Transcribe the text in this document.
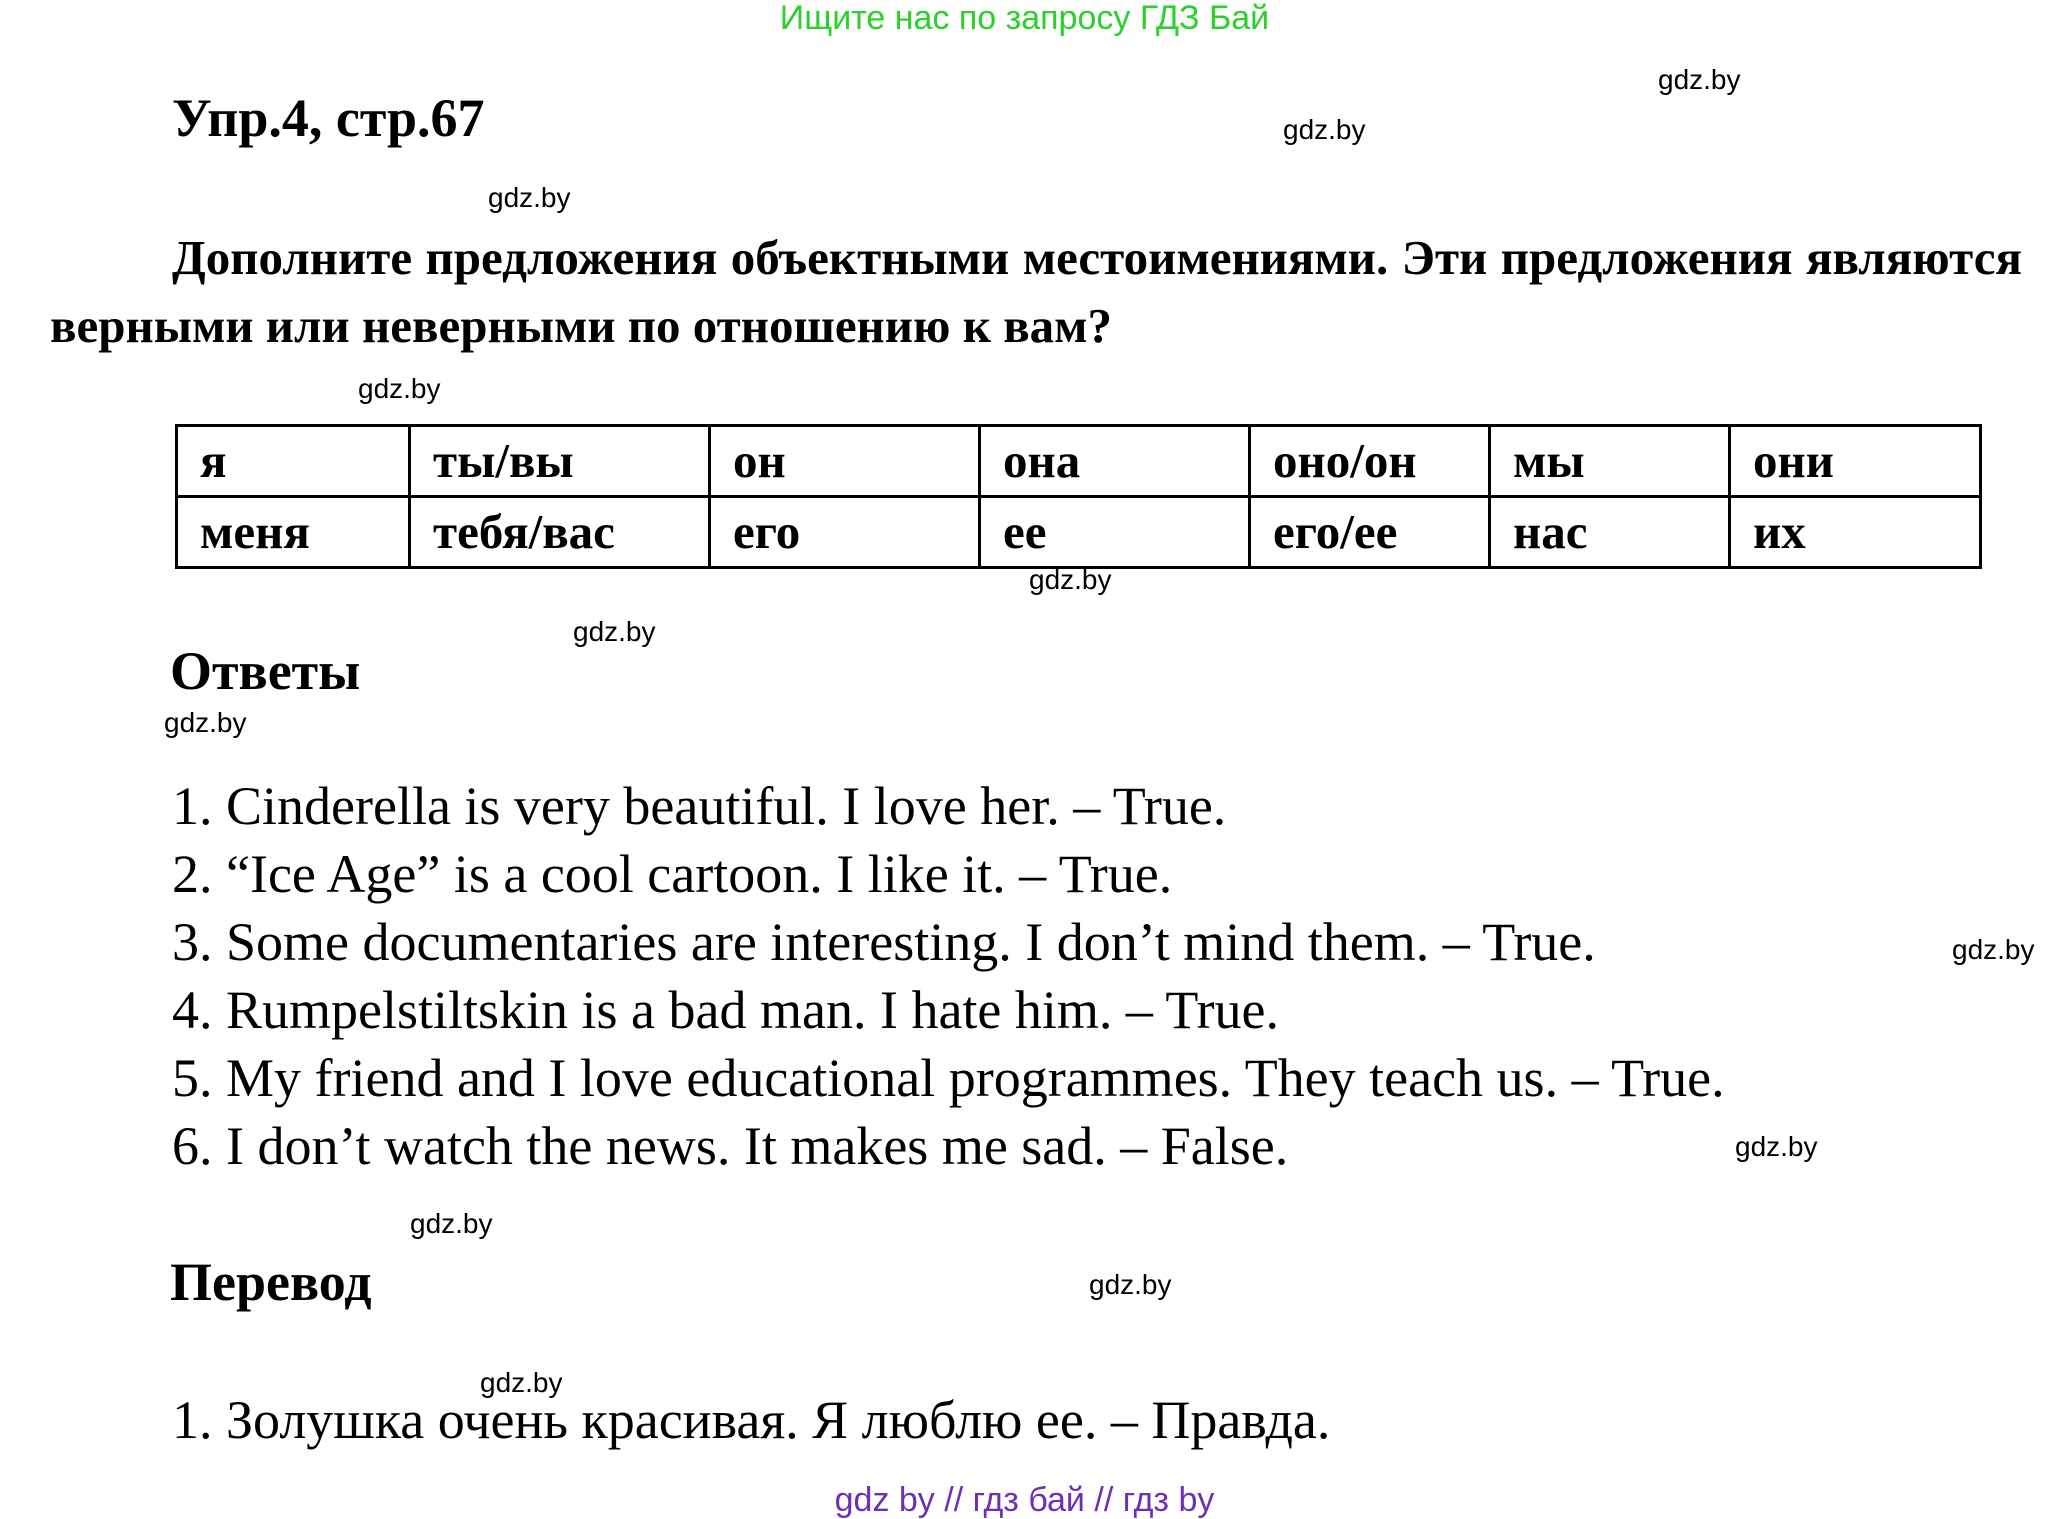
Ищите нас по запросу ГДЗ Бай
gdz.by
gdz.by
gdz.by
gdz.by
gdz.by
gdz.by
gdz.by
gdz.by
gdz.by
gdz.by
gdz.by
gdz.by
Упр.4, стр.67
Дополните предложения объектными местоимениями. Эти предложения являются верными или неверными по отношению к вам?
я	ты/вы	он	она	оно/он	мы	они
меня	тебя/вас	его	ее	его/ее	нас	их
Ответы
1. Cinderella is very beautiful. I love her. – True.
2. “Ice Age” is a cool cartoon. I like it. – True.
3. Some documentaries are interesting. I don’t mind them. – True.
4. Rumpelstiltskin is a bad man. I hate him. – True.
5. My friend and I love educational programmes. They teach us. – True.
6. I don’t watch the news. It makes me sad. – False.
Перевод
1. Золушка очень красивая. Я люблю ее. – Правда.
gdz by // гдз бай // гдз by
